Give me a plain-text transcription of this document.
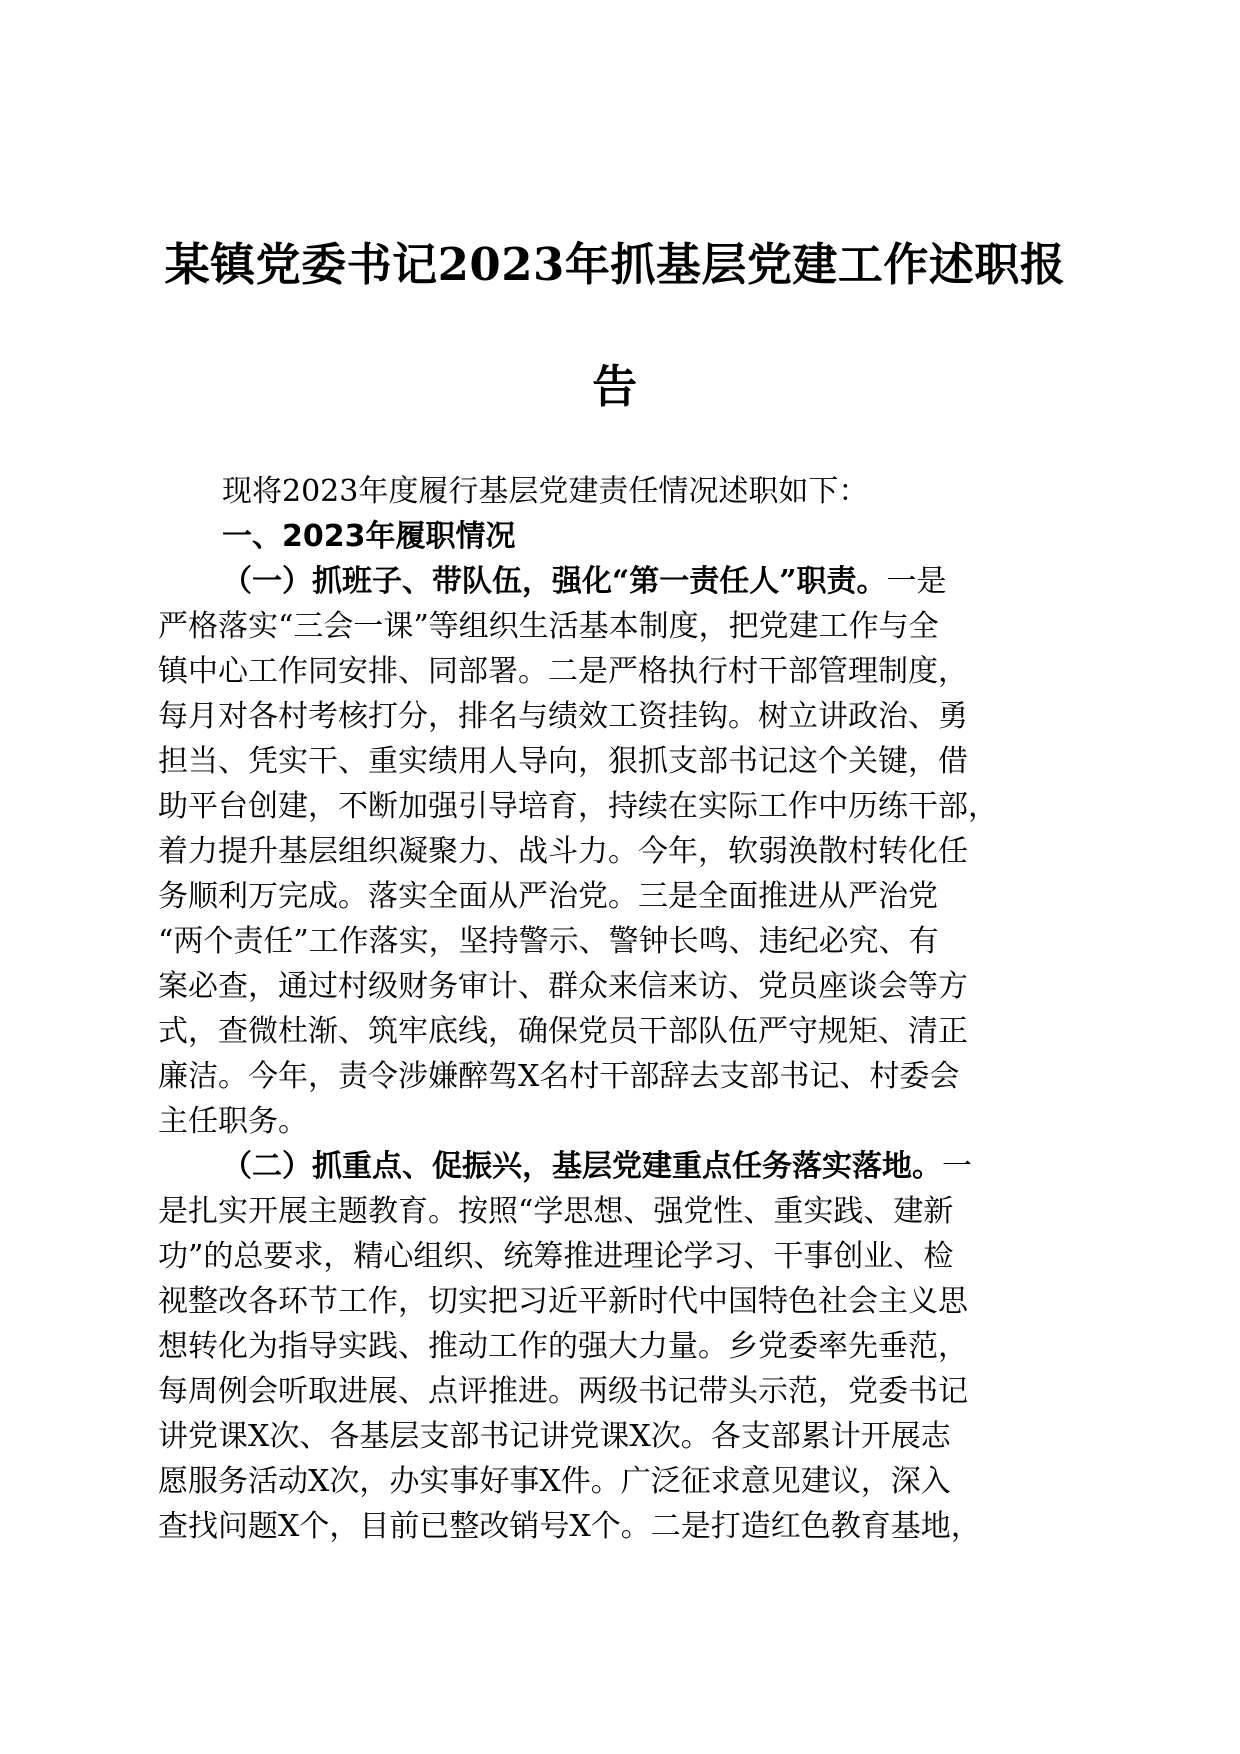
某镇党委书记2023年抓基层党建工作述职报
告
现将2023年度履行基层党建责任情况述职如下：
一、2023年履职情况
（一）抓班子、带队伍，强化“第一责任人”职责。一是
严格落实“三会一课”等组织生活基本制度，把党建工作与全
镇中心工作同安排、同部署。二是严格执行村干部管理制度，
每月对各村考核打分，排名与绩效工资挂钩。树立讲政治、勇
担当、凭实干、重实绩用人导向，狠抓支部书记这个关键，借
助平台创建，不断加强引导培育，持续在实际工作中历练干部，
着力提升基层组织凝聚力、战斗力。今年，软弱涣散村转化任
务顺利万完成。落实全面从严治党。三是全面推进从严治党
“两个责任”工作落实，坚持警示、警钟长鸣、违纪必究、有
案必查，通过村级财务审计、群众来信来访、党员座谈会等方
式，查微杜渐、筑牢底线，确保党员干部队伍严守规矩、清正
廉洁。今年，责令涉嫌醉驾X名村干部辞去支部书记、村委会
主任职务。
（二）抓重点、促振兴，基层党建重点任务落实落地。一
是扎实开展主题教育。按照“学思想、强党性、重实践、建新
功”的总要求，精心组织、统筹推进理论学习、干事创业、检
视整改各环节工作，切实把习近平新时代中国特色社会主义思
想转化为指导实践、推动工作的强大力量。乡党委率先垂范，
每周例会听取进展、点评推进。两级书记带头示范，党委书记
讲党课X次、各基层支部书记讲党课X次。各支部累计开展志
愿服务活动X次，办实事好事X件。广泛征求意见建议，深入
查找问题X个，目前已整改销号X个。二是打造红色教育基地，
